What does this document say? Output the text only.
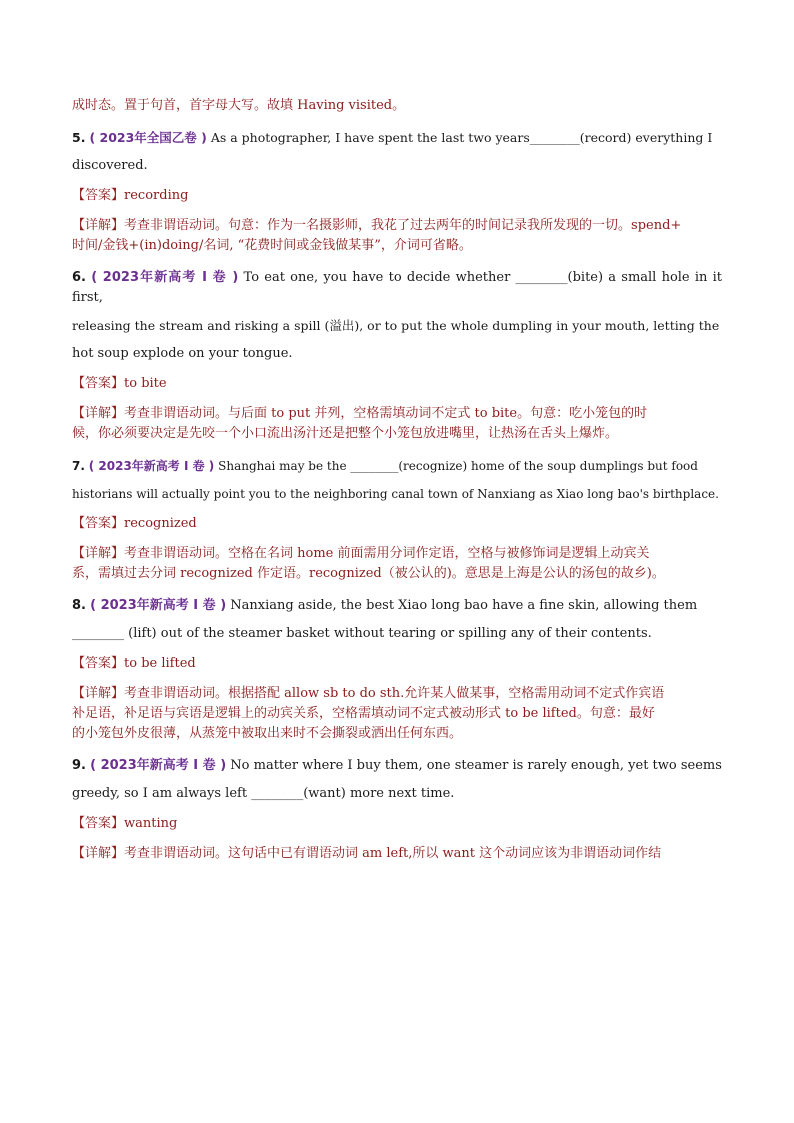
成时态。置于句首，首字母大写。故填 Having visited。
5. ( 2023年全国乙卷 ) As a photographer, I have spent the last two years________(record) everything I
discovered.
【答案】recording
【详解】考查非谓语动词。句意：作为一名摄影师，我花了过去两年的时间记录我所发现的一切。spend+
时间/金钱+(in)doing/名词, “花费时间或金钱做某事”，介词可省略。
6. ( 2023年新高考 I 卷 ) To eat one, you have to decide whether ________(bite) a small hole in it first,
releasing the stream and risking a spill (溢出), or to put the whole dumpling in your mouth, letting the
hot soup explode on your tongue.
【答案】to bite
【详解】考查非谓语动词。与后面 to put 并列，空格需填动词不定式 to bite。句意：吃小笼包的时
候，你必须要决定是先咬一个小口流出汤汁还是把整个小笼包放进嘴里，让热汤在舌头上爆炸。
7. ( 2023年新高考 I 卷 ) Shanghai may be the ________(recognize) home of the soup dumplings but food
historians will actually point you to the neighboring canal town of Nanxiang as Xiao long bao's birthplace.
【答案】recognized
【详解】考查非谓语动词。空格在名词 home 前面需用分词作定语，空格与被修饰词是逻辑上动宾关
系，需填过去分词 recognized 作定语。recognized（被公认的)。意思是上海是公认的汤包的故乡)。
8. ( 2023年新高考 I 卷 ) Nanxiang aside, the best Xiao long bao have a fine skin, allowing them
________ (lift) out of the steamer basket without tearing or spilling any of their contents.
【答案】to be lifted
【详解】考查非谓语动词。根据搭配 allow sb to do sth.允许某人做某事，空格需用动词不定式作宾语
补足语，补足语与宾语是逻辑上的动宾关系，空格需填动词不定式被动形式 to be lifted。句意：最好
的小笼包外皮很薄，从蒸笼中被取出来时不会撕裂或洒出任何东西。
9. ( 2023年新高考 I 卷 ) No matter where I buy them, one steamer is rarely enough, yet two seems
greedy, so I am always left ________(want) more next time.
【答案】wanting
【详解】考查非谓语动词。这句话中已有谓语动词 am left,所以 want 这个动词应该为非谓语动词作结
